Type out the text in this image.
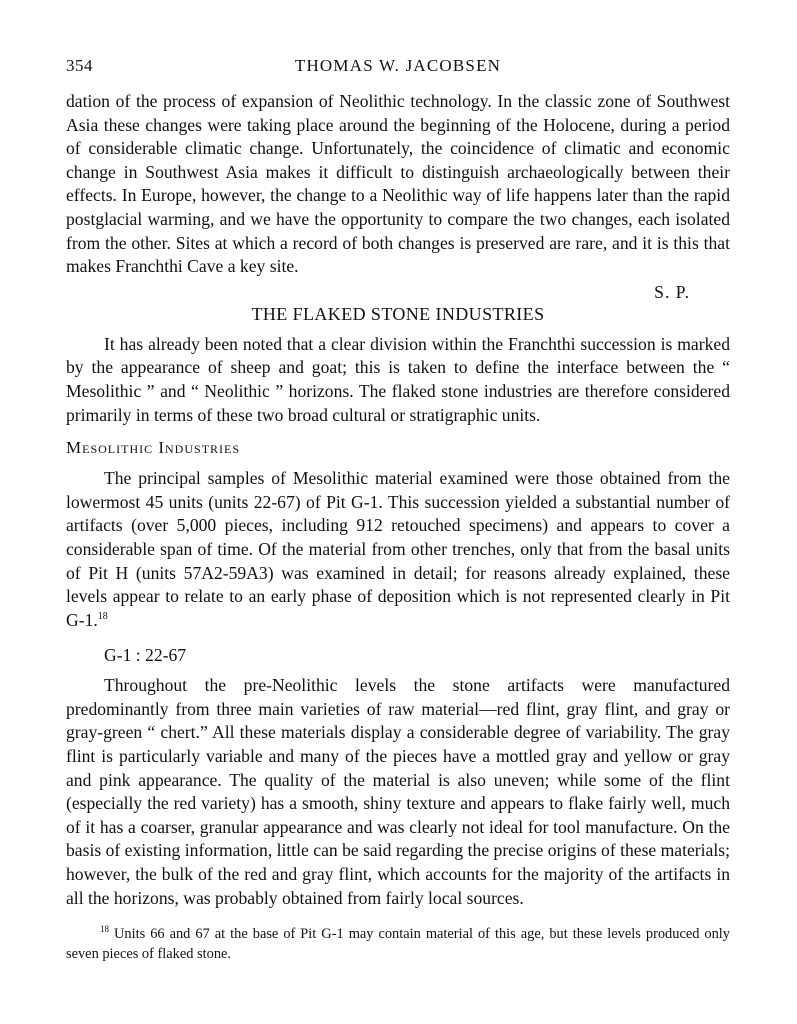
354	THOMAS W. JACOBSEN

dation of the process of expansion of Neolithic technology. In the classic zone of Southwest Asia these changes were taking place around the beginning of the Holocene, during a period of considerable climatic change. Unfortunately, the coincidence of climatic and economic change in Southwest Asia makes it difficult to distinguish archaeologically between their effects. In Europe, however, the change to a Neolithic way of life happens later than the rapid postglacial warming, and we have the opportunity to compare the two changes, each isolated from the other. Sites at which a record of both changes is preserved are rare, and it is this that makes Franchthi Cave a key site.

S. P.
THE FLAKED STONE INDUSTRIES

It has already been noted that a clear division within the Franchthi succession is marked by the appearance of sheep and goat; this is taken to define the interface between the “ Mesolithic ” and “ Neolithic ” horizons. The flaked stone industries are therefore considered primarily in terms of these two broad cultural or stratigraphic units.

Mesolithic Industries

The principal samples of Mesolithic material examined were those obtained from the lowermost 45 units (units 22-67) of Pit G-1. This succession yielded a substantial number of artifacts (over 5,000 pieces, including 912 retouched specimens) and appears to cover a considerable span of time. Of the material from other trenches, only that from the basal units of Pit H (units 57A2-59A3) was examined in detail; for reasons already explained, these levels appear to relate to an early phase of deposition which is not represented clearly in Pit G-1.18

G-1 : 22-67

Throughout the pre-Neolithic levels the stone artifacts were manufactured predominantly from three main varieties of raw material—red flint, gray flint, and gray or gray-green “ chert.” All these materials display a considerable degree of variability. The gray flint is particularly variable and many of the pieces have a mottled gray and yellow or gray and pink appearance. The quality of the material is also uneven; while some of the flint (especially the red variety) has a smooth, shiny texture and appears to flake fairly well, much of it has a coarser, granular appearance and was clearly not ideal for tool manufacture. On the basis of existing information, little can be said regarding the precise origins of these materials; however, the bulk of the red and gray flint, which accounts for the majority of the artifacts in all the horizons, was probably obtained from fairly local sources.

$^{18}$ Units 66 and 67 at the base of Pit G-1 may contain material of this age, but these levels produced only seven pieces of flaked stone.
